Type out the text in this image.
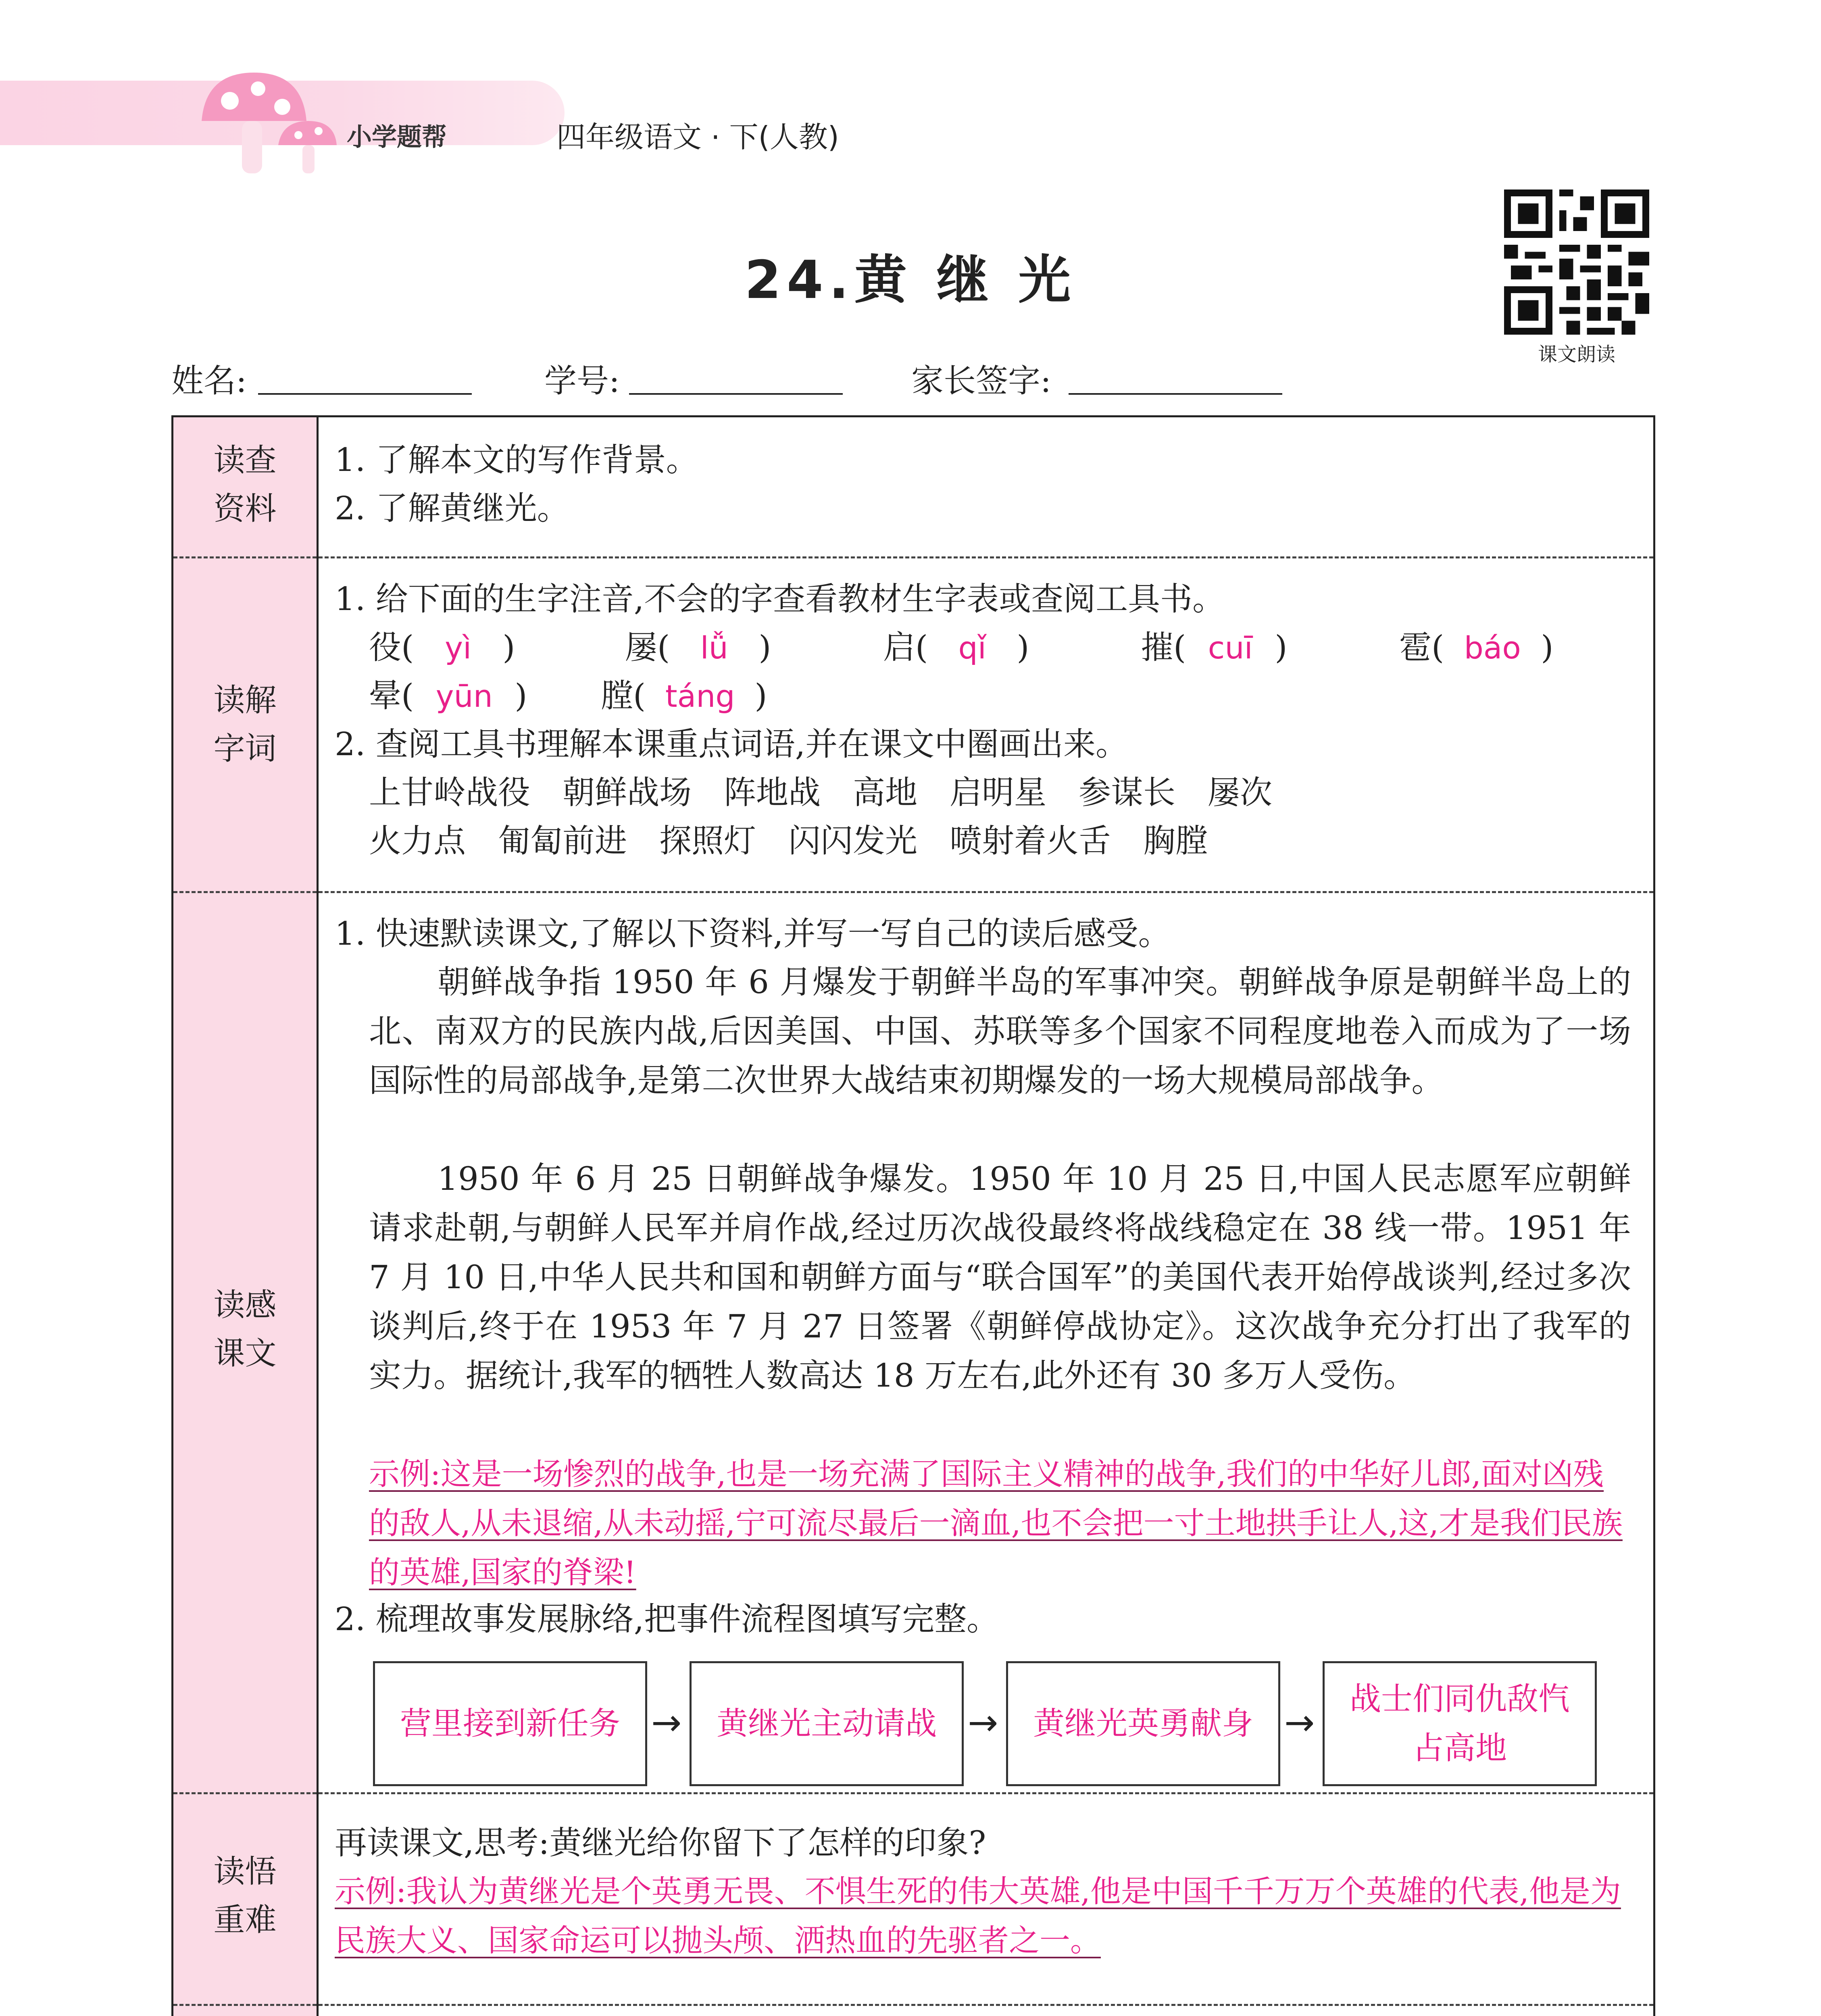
小学题帮	四年级语文 · 下(人教)
24.黄 继 光
课文朗读
姓名:	学号:	家长签字:
读查
资料
1. 了解本文的写作背景。
2. 了解黄继光。
读解
字词
1. 给下面的生字注音,不会的字查看教材生字表或查阅工具书。
役( yì )	屡( lǚ )	启( qǐ )	摧( cuī )	雹( báo )
晕( yūn ) 膛( táng )
2. 查阅工具书理解本课重点词语,并在课文中圈画出来。
上甘岭战役　朝鲜战场　阵地战　高地　启明星　参谋长　屡次
火力点　匍匐前进　探照灯　闪闪发光　喷射着火舌　胸膛
读感
课文
1. 快速默读课文,了解以下资料,并写一写自己的读后感受。
朝鲜战争指 1950 年 6 月爆发于朝鲜半岛的军事冲突。朝鲜战争原是朝鲜半岛上的北、南双方的民族内战,后因美国、中国、苏联等多个国家不同程度地卷入而成为了一场国际性的局部战争,是第二次世界大战结束初期爆发的一场大规模局部战争。
1950 年 6 月 25 日朝鲜战争爆发。1950 年 10 月 25 日,中国人民志愿军应朝鲜请求赴朝,与朝鲜人民军并肩作战,经过历次战役最终将战线稳定在 38 线一带。1951 年 7 月 10 日,中华人民共和国和朝鲜方面与“联合国军”的美国代表开始停战谈判,经过多次谈判后,终于在 1953 年 7 月 27 日签署《朝鲜停战协定》。这次战争充分打出了我军的实力。据统计,我军的牺牲人数高达 18 万左右,此外还有 30 多万人受伤。
示例:这是一场惨烈的战争,也是一场充满了国际主义精神的战争,我们的中华好儿郎,面对凶残的敌人,从未退缩,从未动摇,宁可流尽最后一滴血,也不会把一寸土地拱手让人,这,才是我们民族的英雄,国家的脊梁!
2. 梳理故事发展脉络,把事件流程图填写完整。
营里接到新任务 →	黄继光主动请战 →	黄继光英勇献身 →
战士们同仇敌忾占高地
读悟
重难
再读课文,思考:黄继光给你留下了怎样的印象?
示例:我认为黄继光是个英勇无畏、不惧生死的伟大英雄,他是中国千千万万个英雄的代表,他是为民族大义、国家命运可以抛头颅、洒热血的先驱者之一。
